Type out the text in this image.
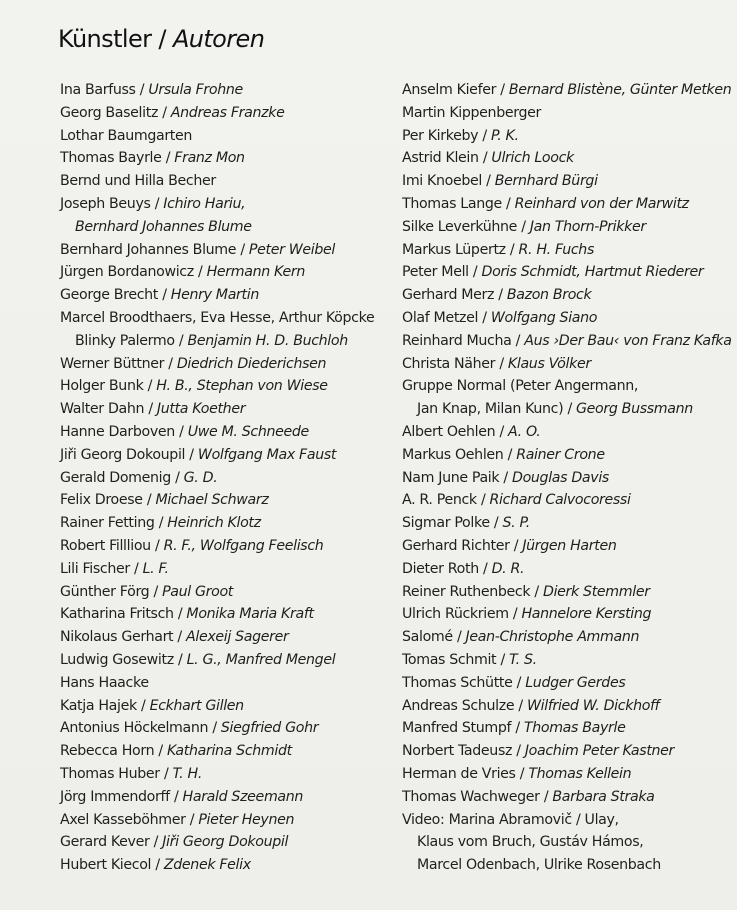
Künstler / Autoren
Ina Barfuss / Ursula Frohne
Georg Baselitz / Andreas Franzke
Lothar Baumgarten
Thomas Bayrle / Franz Mon
Bernd und Hilla Becher
Joseph Beuys / Ichiro Hariu,
Bernhard Johannes Blume
Bernhard Johannes Blume / Peter Weibel
Jürgen Bordanowicz / Hermann Kern
George Brecht / Henry Martin
Marcel Broodthaers, Eva Hesse, Arthur Köpcke
Blinky Palermo / Benjamin H. D. Buchloh
Werner Büttner / Diedrich Diederichsen
Holger Bunk / H. B., Stephan von Wiese
Walter Dahn / Jutta Koether
Hanne Darboven / Uwe M. Schneede
Jiři Georg Dokoupil / Wolfgang Max Faust
Gerald Domenig / G. D.
Felix Droese / Michael Schwarz
Rainer Fetting / Heinrich Klotz
Robert Fillliou / R. F., Wolfgang Feelisch
Lili Fischer / L. F.
Günther Förg / Paul Groot
Katharina Fritsch / Monika Maria Kraft
Nikolaus Gerhart / Alexeij Sagerer
Ludwig Gosewitz / L. G., Manfred Mengel
Hans Haacke
Katja Hajek / Eckhart Gillen
Antonius Höckelmann / Siegfried Gohr
Rebecca Horn / Katharina Schmidt
Thomas Huber / T. H.
Jörg Immendorff / Harald Szeemann
Axel Kasseböhmer / Pieter Heynen
Gerard Kever / Jiři Georg Dokoupil
Hubert Kiecol / Zdenek Felix
Anselm Kiefer / Bernard Blistène, Günter Metken
Martin Kippenberger
Per Kirkeby / P. K.
Astrid Klein / Ulrich Loock
Imi Knoebel / Bernhard Bürgi
Thomas Lange / Reinhard von der Marwitz
Silke Leverkühne / Jan Thorn-Prikker
Markus Lüpertz / R. H. Fuchs
Peter Mell / Doris Schmidt, Hartmut Riederer
Gerhard Merz / Bazon Brock
Olaf Metzel / Wolfgang Siano
Reinhard Mucha / Aus ›Der Bau‹ von Franz Kafka
Christa Näher / Klaus Völker
Gruppe Normal (Peter Angermann,
Jan Knap, Milan Kunc) / Georg Bussmann
Albert Oehlen / A. O.
Markus Oehlen / Rainer Crone
Nam June Paik / Douglas Davis
A. R. Penck / Richard Calvocoressi
Sigmar Polke / S. P.
Gerhard Richter / Jürgen Harten
Dieter Roth / D. R.
Reiner Ruthenbeck / Dierk Stemmler
Ulrich Rückriem / Hannelore Kersting
Salomé / Jean-Christophe Ammann
Tomas Schmit / T. S.
Thomas Schütte / Ludger Gerdes
Andreas Schulze / Wilfried W. Dickhoff
Manfred Stumpf / Thomas Bayrle
Norbert Tadeusz / Joachim Peter Kastner
Herman de Vries / Thomas Kellein
Thomas Wachweger / Barbara Straka
Video: Marina Abramovič / Ulay,
Klaus vom Bruch, Gustáv Hámos,
Marcel Odenbach, Ulrike Rosenbach
